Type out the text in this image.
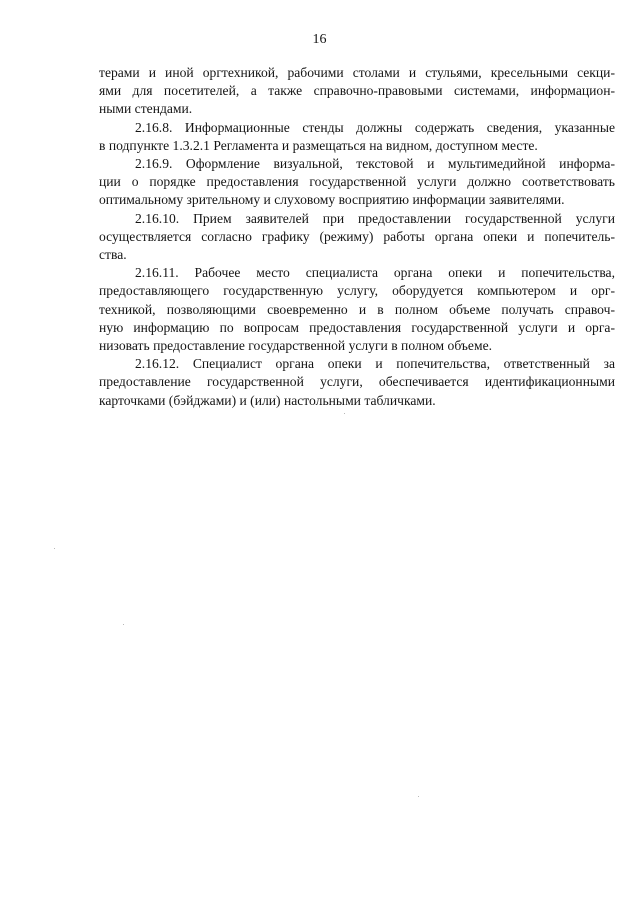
16
терами и иной оргтехникой, рабочими столами и стульями, кресельными секци-
ями для посетителей, а также справочно-правовыми системами, информацион-
ными стендами.
2.16.8. Информационные стенды должны содержать сведения, указанные
в подпункте 1.3.2.1 Регламента и размещаться на видном, доступном месте.
2.16.9. Оформление визуальной, текстовой и мультимедийной информа-
ции о порядке предоставления государственной услуги должно соответствовать
оптимальному зрительному и слуховому восприятию информации заявителями.
2.16.10. Прием заявителей при предоставлении государственной услуги
осуществляется согласно графику (режиму) работы органа опеки и попечитель-
ства.
2.16.11. Рабочее место специалиста органа опеки и попечительства,
предоставляющего государственную услугу, оборудуется компьютером и орг-
техникой, позволяющими своевременно и в полном объеме получать справоч-
ную информацию по вопросам предоставления государственной услуги и орга-
низовать предоставление государственной услуги в полном объеме.
2.16.12. Специалист органа опеки и попечительства, ответственный за
предоставление государственной услуги, обеспечивается идентификационными
карточками (бэйджами) и (или) настольными табличками.
